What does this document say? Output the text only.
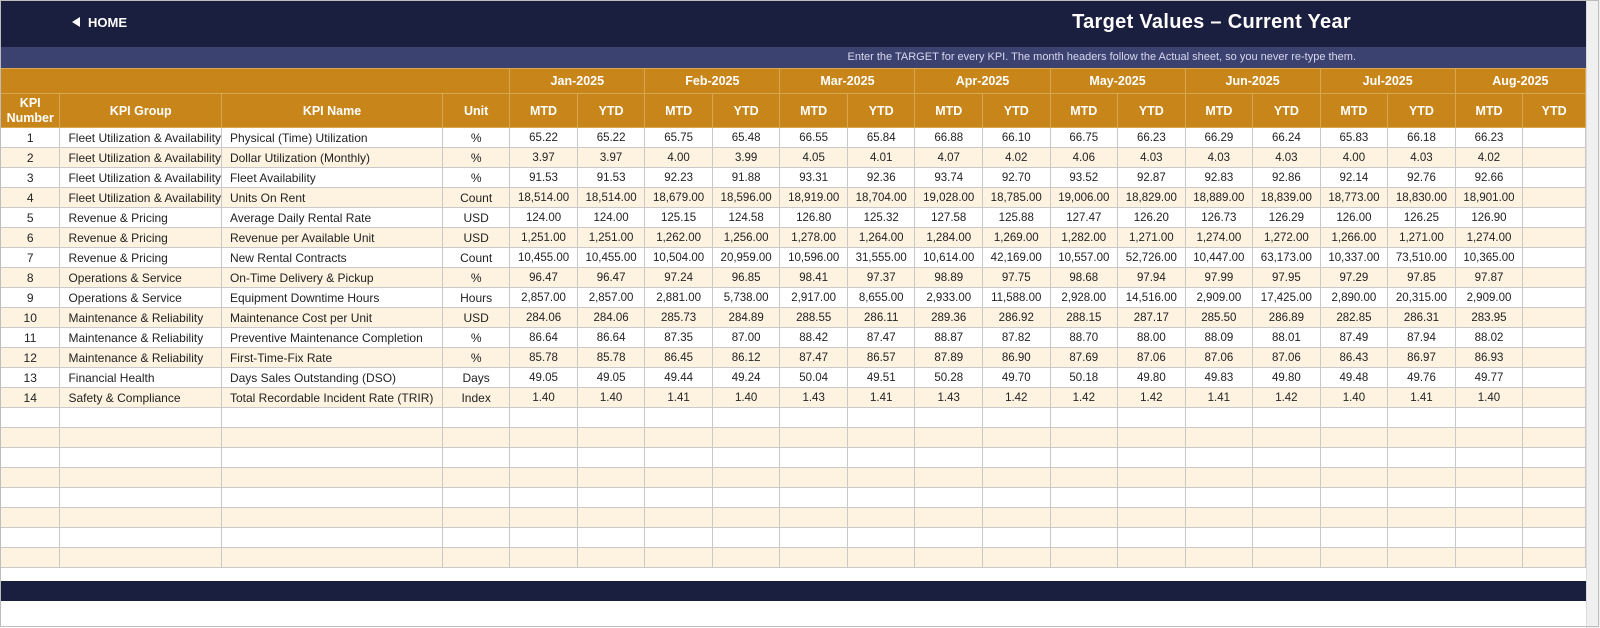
HOME	Target Values – Current Year
Enter the TARGET for every KPI. The month headers follow the Actual sheet, so you never re-type them.
				Jan-2025		Feb-2025		Mar-2025		Apr-2025		May-2025		Jun-2025		Jul-2025		Aug-2025	
KPI Number	KPI Group	KPI Name	Unit	MTD	YTD	MTD	YTD	MTD	YTD	MTD	YTD	MTD	YTD	MTD	YTD	MTD	YTD	MTD	YTD
1	Fleet Utilization & Availability	Physical (Time) Utilization	%	65.22	65.22	65.75	65.48	66.55	65.84	66.88	66.10	66.75	66.23	66.29	66.24	65.83	66.18	66.23	
2	Fleet Utilization & Availability	Dollar Utilization (Monthly)	%	3.97	3.97	4.00	3.99	4.05	4.01	4.07	4.02	4.06	4.03	4.03	4.03	4.00	4.03	4.02	
3	Fleet Utilization & Availability	Fleet Availability	%	91.53	91.53	92.23	91.88	93.31	92.36	93.74	92.70	93.52	92.87	92.83	92.86	92.14	92.76	92.66	
4	Fleet Utilization & Availability	Units On Rent	Count	18,514.00	18,514.00	18,679.00	18,596.00	18,919.00	18,704.00	19,028.00	18,785.00	19,006.00	18,829.00	18,889.00	18,839.00	18,773.00	18,830.00	18,901.00	
5	Revenue & Pricing	Average Daily Rental Rate	USD	124.00	124.00	125.15	124.58	126.80	125.32	127.58	125.88	127.47	126.20	126.73	126.29	126.00	126.25	126.90	
6	Revenue & Pricing	Revenue per Available Unit	USD	1,251.00	1,251.00	1,262.00	1,256.00	1,278.00	1,264.00	1,284.00	1,269.00	1,282.00	1,271.00	1,274.00	1,272.00	1,266.00	1,271.00	1,274.00	
7	Revenue & Pricing	New Rental Contracts	Count	10,455.00	10,455.00	10,504.00	20,959.00	10,596.00	31,555.00	10,614.00	42,169.00	10,557.00	52,726.00	10,447.00	63,173.00	10,337.00	73,510.00	10,365.00	
8	Operations & Service	On-Time Delivery & Pickup	%	96.47	96.47	97.24	96.85	98.41	97.37	98.89	97.75	98.68	97.94	97.99	97.95	97.29	97.85	97.87	
9	Operations & Service	Equipment Downtime Hours	Hours	2,857.00	2,857.00	2,881.00	5,738.00	2,917.00	8,655.00	2,933.00	11,588.00	2,928.00	14,516.00	2,909.00	17,425.00	2,890.00	20,315.00	2,909.00	
10	Maintenance & Reliability	Maintenance Cost per Unit	USD	284.06	284.06	285.73	284.89	288.55	286.11	289.36	286.92	288.15	287.17	285.50	286.89	282.85	286.31	283.95	
11	Maintenance & Reliability	Preventive Maintenance Completion	%	86.64	86.64	87.35	87.00	88.42	87.47	88.87	87.82	88.70	88.00	88.09	88.01	87.49	87.94	88.02	
12	Maintenance & Reliability	First-Time-Fix Rate	%	85.78	85.78	86.45	86.12	87.47	86.57	87.89	86.90	87.69	87.06	87.06	87.06	86.43	86.97	86.93	
13	Financial Health	Days Sales Outstanding (DSO)	Days	49.05	49.05	49.44	49.24	50.04	49.51	50.28	49.70	50.18	49.80	49.83	49.80	49.48	49.76	49.77	
14	Safety & Compliance	Total Recordable Incident Rate (TRIR)	Index	1.40	1.40	1.41	1.40	1.43	1.41	1.43	1.42	1.42	1.42	1.41	1.42	1.40	1.41	1.40	
